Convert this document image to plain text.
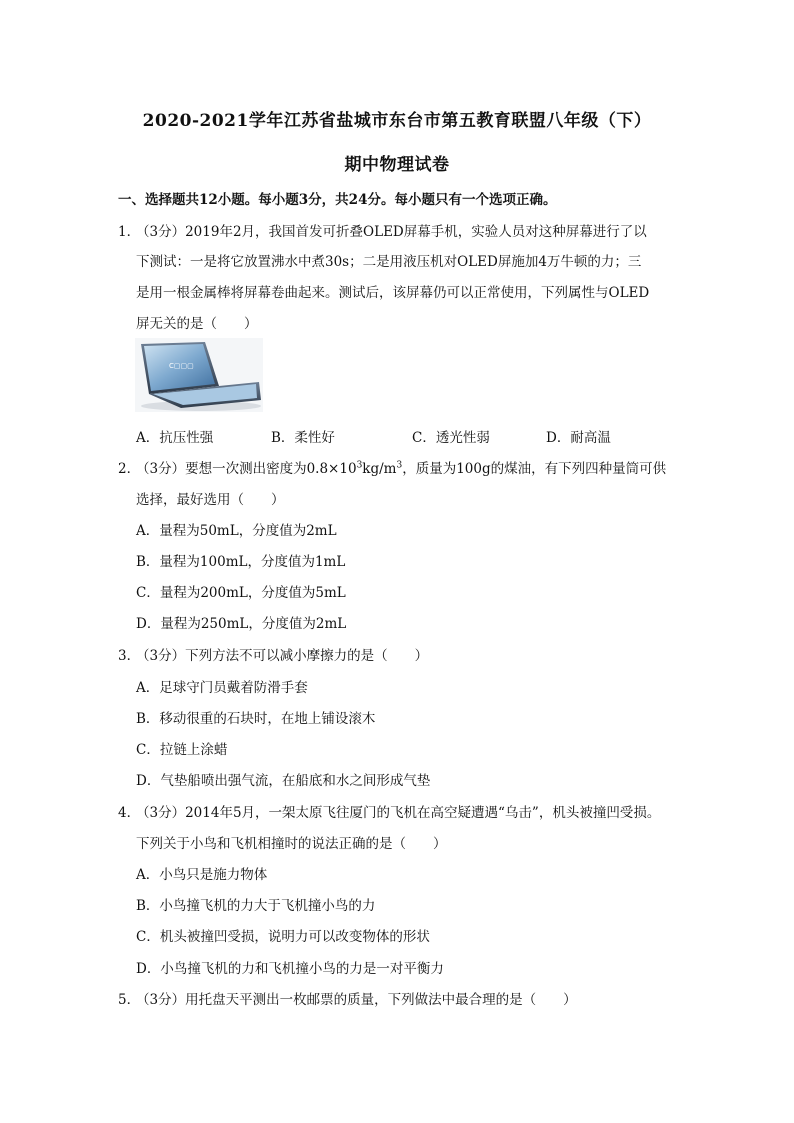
2020-2021学年江苏省盐城市东台市第五教育联盟八年级（下）
期中物理试卷
一、选择题共12小题。每小题3分，共24分。每小题只有一个选项正确。
1．
（3分）2019年2月，我国首发可折叠OLED屏幕手机，实验人员对这种屏幕进行了以
下测试：一是将它放置沸水中煮30s；二是用液压机对OLED屏施加4万牛顿的力；三
是用一根金属棒将屏幕卷曲起来。测试后，该屏幕仍可以正常使用，下列属性与OLED
屏无关的是（　　）
C▢▢▢
A．抗压性强	B．柔性好	C．透光性弱	D．耐高温
2．
（3分）要想一次测出密度为$0.8\times 10^3kg/m^3$，质量为100g的煤油，有下列四种量筒可供
选择，最好选用（　　）
A．量程为50mL，分度值为2mL
B．量程为100mL，分度值为1mL
C．量程为200mL，分度值为5mL
D．量程为250mL，分度值为2mL
3．
（3分）下列方法不可以减小摩擦力的是（　　）
A．足球守门员戴着防滑手套
B．移动很重的石块时，在地上铺设滚木
C．拉链上涂蜡
D．气垫船喷出强气流，在船底和水之间形成气垫
4．
（3分）2014年5月，一架太原飞往厦门的飞机在高空疑遭遇“乌击”，机头被撞凹受损。
下列关于小鸟和飞机相撞时的说法正确的是（　　）
A．小鸟只是施力物体
B．小鸟撞飞机的力大于飞机撞小鸟的力
C．机头被撞凹受损，说明力可以改变物体的形状
D．小鸟撞飞机的力和飞机撞小鸟的力是一对平衡力
5．
（3分）用托盘天平测出一枚邮票的质量，下列做法中最合理的是（　　）
